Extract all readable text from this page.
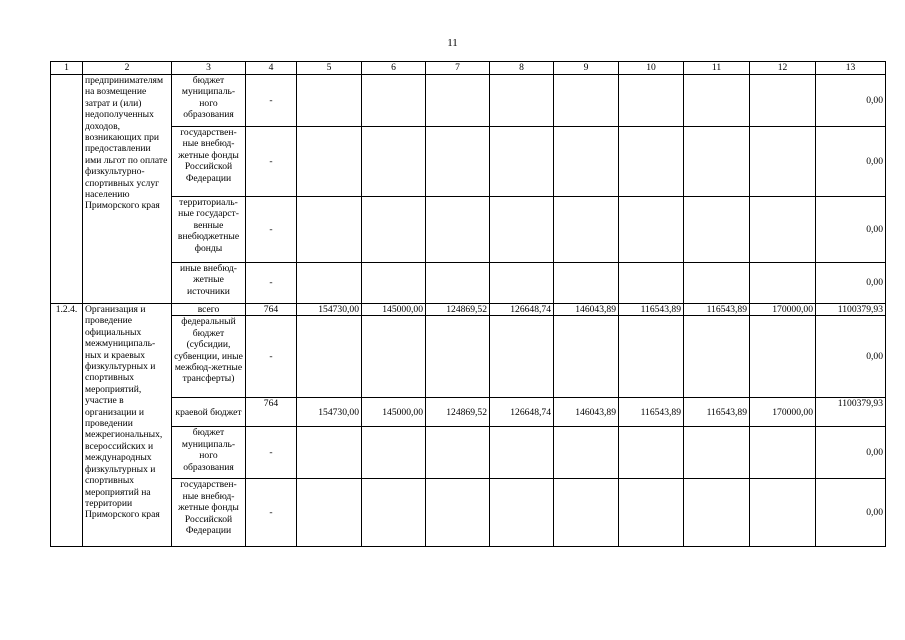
11
1	2	3	4	5	6	7	8	9	10	11	12	13
	предпринимателям на возмещение затрат и (или) недополученных доходов, возникающих при предоставлении ими льгот по оплате физкультурно-спортивных услуг населению Приморского края	бюджет муниципаль-ного образования	-									0,00
		государствен-ные внебюд-жетные фонды Российской Федерации	-									0,00
		территориаль-ные государст-венные внебюджетные фонды	-									0,00
		иные внебюд-жетные источники	-									0,00
1.2.4.	Организация и проведение официальных межмуниципаль-ных и краевых физкультурных и спортивных мероприятий, участие в организации и проведении межрегиональных, всероссийских и международных физкультурных и спортивных мероприятий на территории Приморского края	всего	764	154730,00	145000,00	124869,52	126648,74	146043,89	116543,89	116543,89	170000,00	1100379,93
		федеральный бюджет (субсидии, субвенции, иные межбюд-жетные трансферты)	-									0,00
		краевой бюджет	764	154730,00	145000,00	124869,52	126648,74	146043,89	116543,89	116543,89	170000,00	1100379,93
		бюджет муниципаль-ного образования	-									0,00
		государствен-ные внебюд-жетные фонды Российской Федерации	-									0,00
